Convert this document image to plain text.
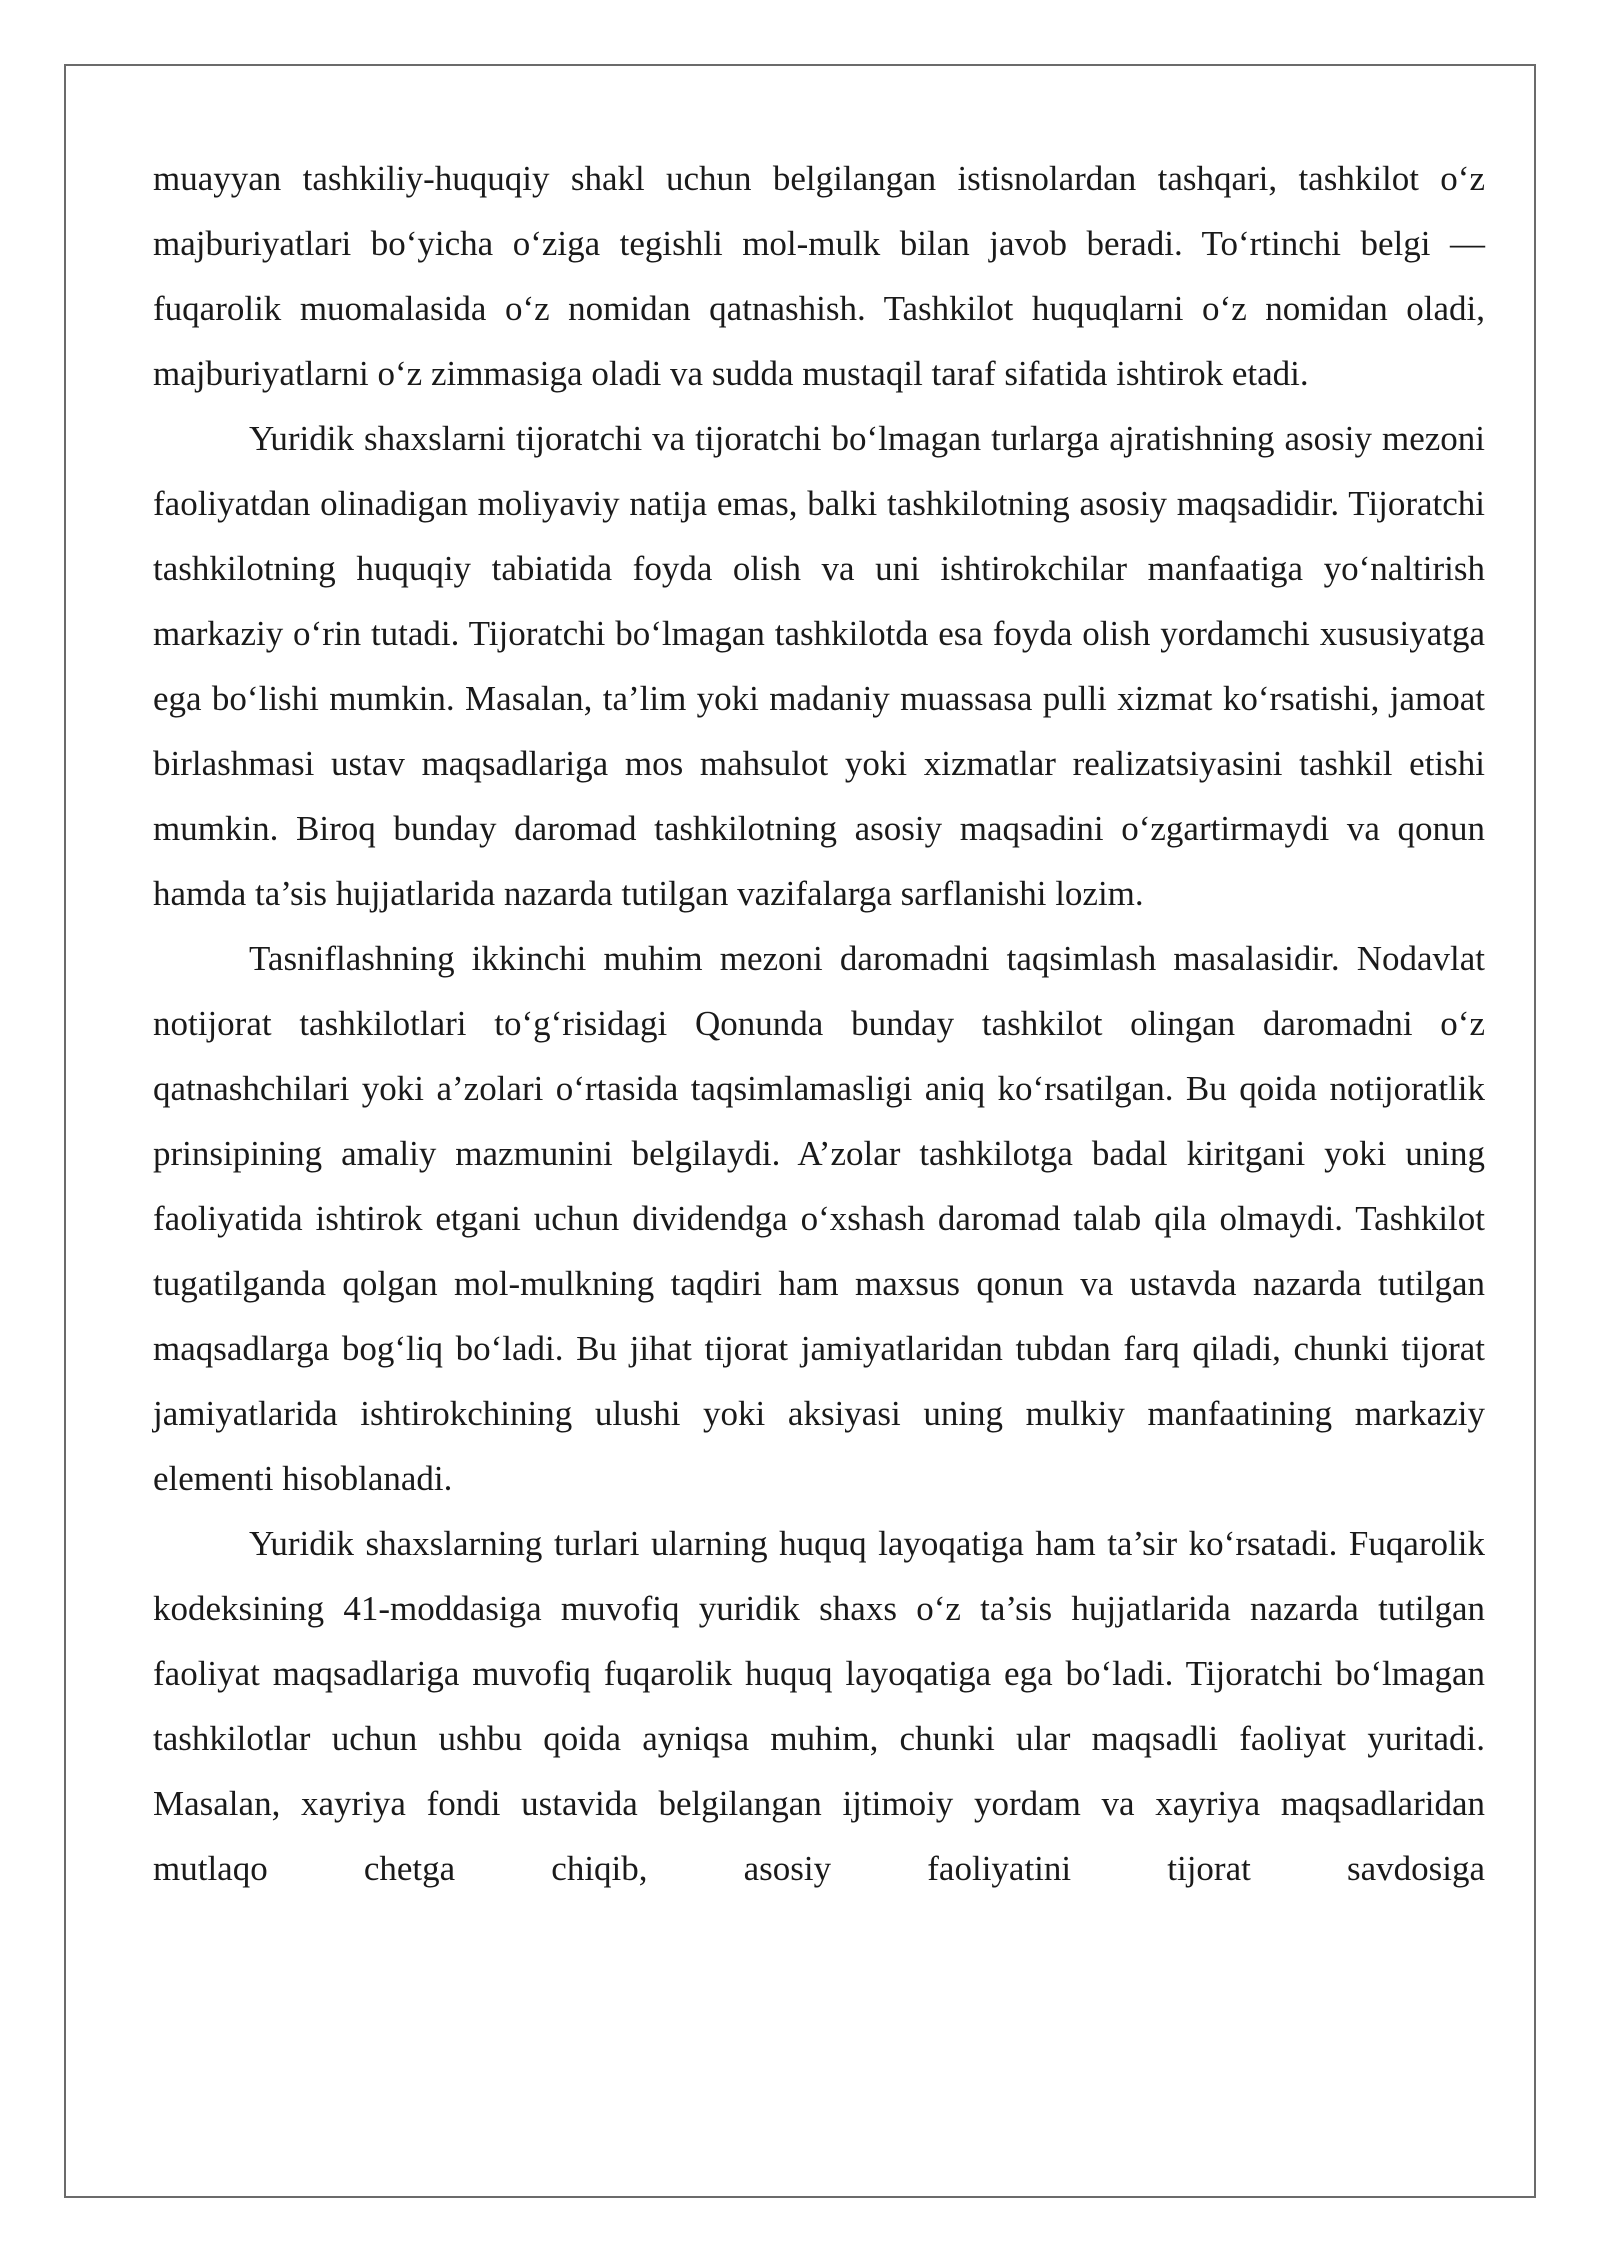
muayyan tashkiliy-huquqiy shakl uchun belgilangan istisnolardan tashqari, tashkilot o‘z majburiyatlari bo‘yicha o‘ziga tegishli mol-mulk bilan javob beradi. To‘rtinchi belgi — fuqarolik muomalasida o‘z nomidan qatnashish. Tashkilot huquqlarni o‘z nomidan oladi, majburiyatlarni o‘z zimmasiga oladi va sudda mustaqil taraf sifatida ishtirok etadi.

Yuridik shaxslarni tijoratchi va tijoratchi bo‘lmagan turlarga ajratishning asosiy mezoni faoliyatdan olinadigan moliyaviy natija emas, balki tashkilotning asosiy maqsadidir. Tijoratchi tashkilotning huquqiy tabiatida foyda olish va uni ishtirokchilar manfaatiga yo‘naltirish markaziy o‘rin tutadi. Tijoratchi bo‘lmagan tashkilotda esa foyda olish yordamchi xususiyatga ega bo‘lishi mumkin. Masalan, ta’lim yoki madaniy muassasa pulli xizmat ko‘rsatishi, jamoat birlashmasi ustav maqsadlariga mos mahsulot yoki xizmatlar realizatsiyasini tashkil etishi mumkin. Biroq bunday daromad tashkilotning asosiy maqsadini o‘zgartirmaydi va qonun hamda ta’sis hujjatlarida nazarda tutilgan vazifalarga sarflanishi lozim.

Tasniflashning ikkinchi muhim mezoni daromadni taqsimlash masalasidir. Nodavlat notijorat tashkilotlari to‘g‘risidagi Qonunda bunday tashkilot olingan daromadni o‘z qatnashchilari yoki a’zolari o‘rtasida taqsimlamasligi aniq ko‘rsatilgan. Bu qoida notijoratlik prinsipining amaliy mazmunini belgilaydi. A’zolar tashkilotga badal kiritgani yoki uning faoliyatida ishtirok etgani uchun dividendga o‘xshash daromad talab qila olmaydi. Tashkilot tugatilganda qolgan mol-mulkning taqdiri ham maxsus qonun va ustavda nazarda tutilgan maqsadlarga bog‘liq bo‘ladi. Bu jihat tijorat jamiyatlaridan tubdan farq qiladi, chunki tijorat jamiyatlarida ishtirokchining ulushi yoki aksiyasi uning mulkiy manfaatining markaziy elementi hisoblanadi.

Yuridik shaxslarning turlari ularning huquq layoqatiga ham ta’sir ko‘rsatadi. Fuqarolik kodeksining 41-moddasiga muvofiq yuridik shaxs o‘z ta’sis hujjatlarida nazarda tutilgan faoliyat maqsadlariga muvofiq fuqarolik huquq layoqatiga ega bo‘ladi. Tijoratchi bo‘lmagan tashkilotlar uchun ushbu qoida ayniqsa muhim, chunki ular maqsadli faoliyat yuritadi. Masalan, xayriya fondi ustavida belgilangan ijtimoiy yordam va xayriya maqsadlaridan mutlaqo chetga chiqib, asosiy faoliyatini tijorat savdosiga
